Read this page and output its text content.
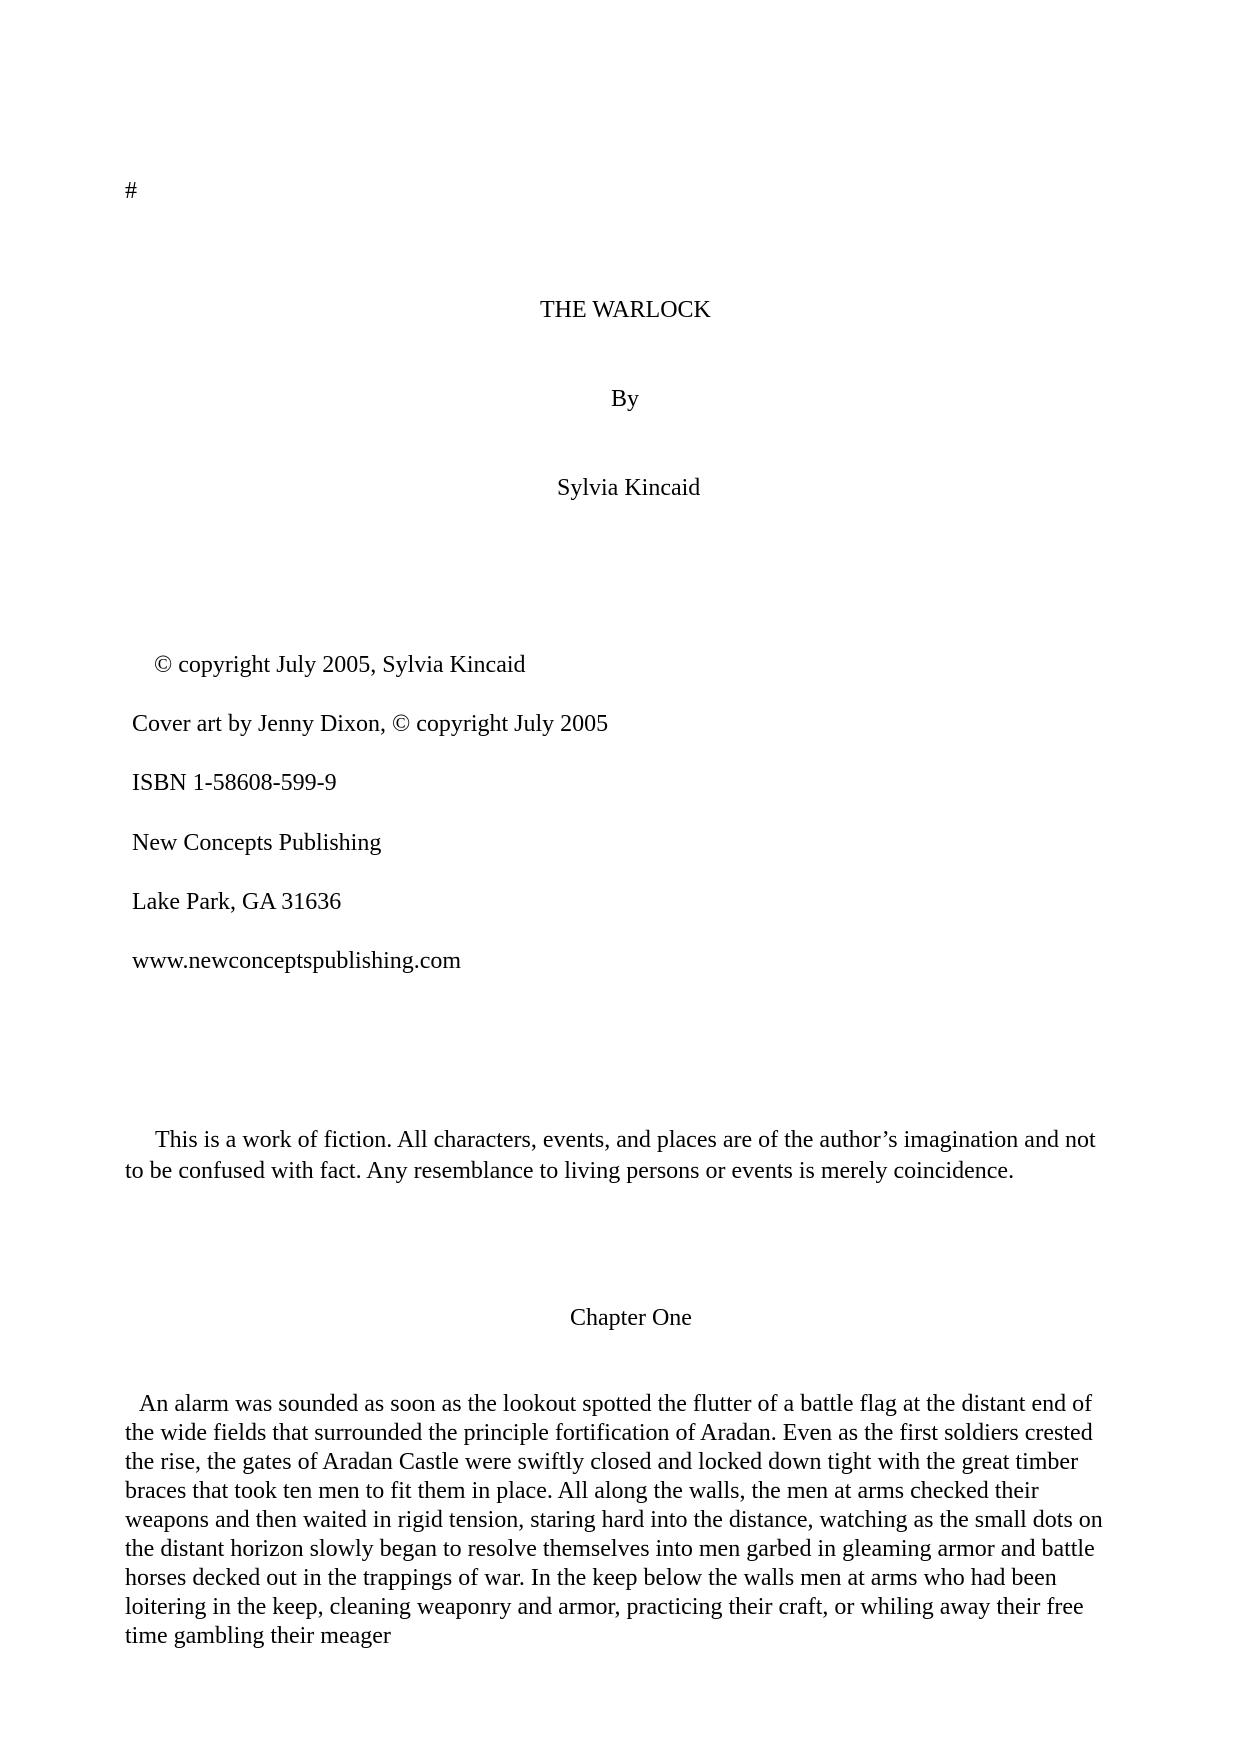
#
THE WARLOCK
By
Sylvia Kincaid
© copyright July 2005, Sylvia Kincaid
Cover art by Jenny Dixon, © copyright July 2005
ISBN 1-58608-599-9
New Concepts Publishing
Lake Park, GA 31636
www.newconceptspublishing.com
This is a work of fiction. All characters, events, and places are of the author’s imagination and not to be confused with fact. Any resemblance to living persons or events is merely coincidence.
Chapter One
An alarm was sounded as soon as the lookout spotted the flutter of a battle flag at the distant end of the wide fields that surrounded the principle fortification of Aradan. Even as the first soldiers crested the rise, the gates of Aradan Castle were swiftly closed and locked down tight with the great timber braces that took ten men to fit them in place. All along the walls, the men at arms checked their weapons and then waited in rigid tension, staring hard into the distance, watching as the small dots on the distant horizon slowly began to resolve themselves into men garbed in gleaming armor and battle horses decked out in the trappings of war. In the keep below the walls men at arms who had been loitering in the keep, cleaning weaponry and armor, practicing their craft, or whiling away their free time gambling their meager
